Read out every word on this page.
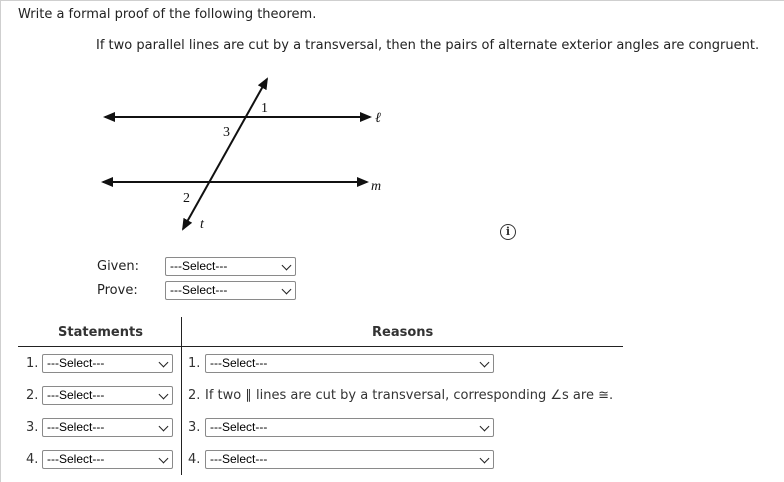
Write a formal proof of the following theorem.
If two parallel lines are cut by a transversal, then the pairs of alternate exterior angles are congruent.
1
3
2
ℓ
m
t	i
Given:	---Select---
Prove:	---Select---
Statements	Reasons
1. ---Select---	1. ---Select---
2. ---Select---	2. If two ∥ lines are cut by a transversal, corresponding ∠s are ≅.
3. ---Select---	3. ---Select---
4. ---Select---	4. ---Select---
